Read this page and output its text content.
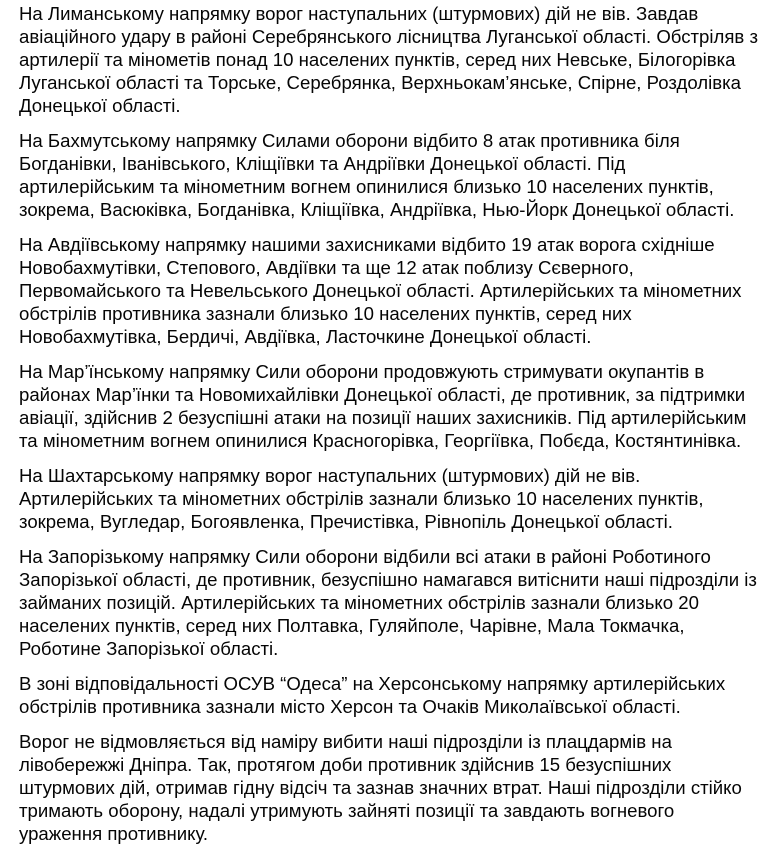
На Лиманському напрямку ворог наступальних (штурмових) дій не вів. Завдав авіаційного удару в районі Серебрянського лісництва Луганської області. Обстріляв з артилерії та мінометів понад 10 населених пунктів, серед них Невське, Білогорівка Луганської області та Торське, Серебрянка, Верхньокам’янське, Спірне, Роздолівка Донецької області.

На Бахмутському напрямку Силами оборони відбито 8 атак противника біля Богданівки, Іванівського, Кліщіївки та Андріївки Донецької області. Під артилерійським та мінометним вогнем опинилися близько 10 населених пунктів, зокрема, Васюківка, Богданівка, Кліщіївка, Андріївка, Нью-Йорк Донецької області.

На Авдіївському напрямку нашими захисниками відбито 19 атак ворога східніше Новобахмутівки, Степового, Авдіївки та ще 12 атак поблизу Сєверного, Первомайського та Невельського Донецької області. Артилерійських та мінометних обстрілів противника зазнали близько 10 населених пунктів, серед них Новобахмутівка, Бердичі, Авдіївка, Ласточкине Донецької області.

На Мар’їнському напрямку Сили оборони продовжують стримувати окупантів в районах Мар’їнки та Новомихайлівки Донецької області, де противник, за підтримки авіації, здійснив 2 безуспішні атаки на позиції наших захисників. Під артилерійським та мінометним вогнем опинилися Красногорівка, Георгіївка, Побєда, Костянтинівка.

На Шахтарському напрямку ворог наступальних (штурмових) дій не вів. Артилерійських та мінометних обстрілів зазнали близько 10 населених пунктів, зокрема, Вугледар, Богоявленка, Пречистівка, Рівнопіль Донецької області.

На Запорізькому напрямку Сили оборони відбили всі атаки в районі Роботиного Запорізької області, де противник, безуспішно намагався витіснити наші підрозділи із займаних позицій. Артилерійських та мінометних обстрілів зазнали близько 20 населених пунктів, серед них Полтавка, Гуляйполе, Чарівне, Мала Токмачка, Роботине Запорізької області.

В зоні відповідальності ОСУВ “Одеса” на Херсонському напрямку артилерійських обстрілів противника зазнали місто Херсон та Очаків Миколаївської області.

Ворог не відмовляється від наміру вибити наші підрозділи із плацдармів на лівобережжі Дніпра. Так, протягом доби противник здійснив 15 безуспішних штурмових дій, отримав гідну відсіч та зазнав значних втрат. Наші підрозділи стійко тримають оборону, надалі утримують зайняті позиції та завдають вогневого ураження противнику.
